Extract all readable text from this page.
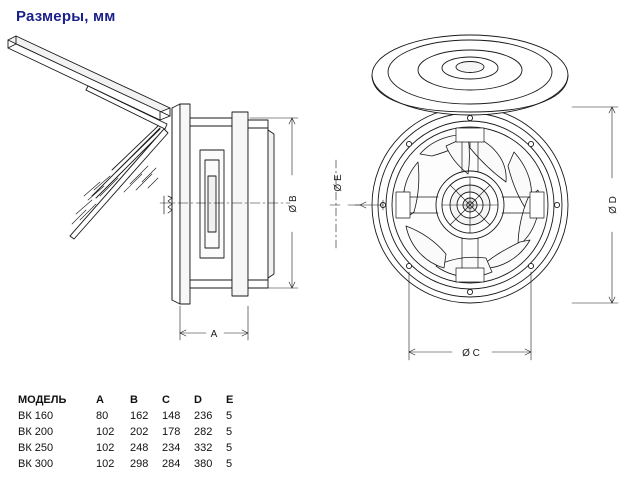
Размеры, мм
Ø B
A
Ø D
Ø C
Ø E
МОДЕЛЬ	A	B	C	D	E
ВК 160	80	162	148	236	5
ВК 200	102	202	178	282	5
ВК 250	102	248	234	332	5
ВК 300	102	298	284	380	5
